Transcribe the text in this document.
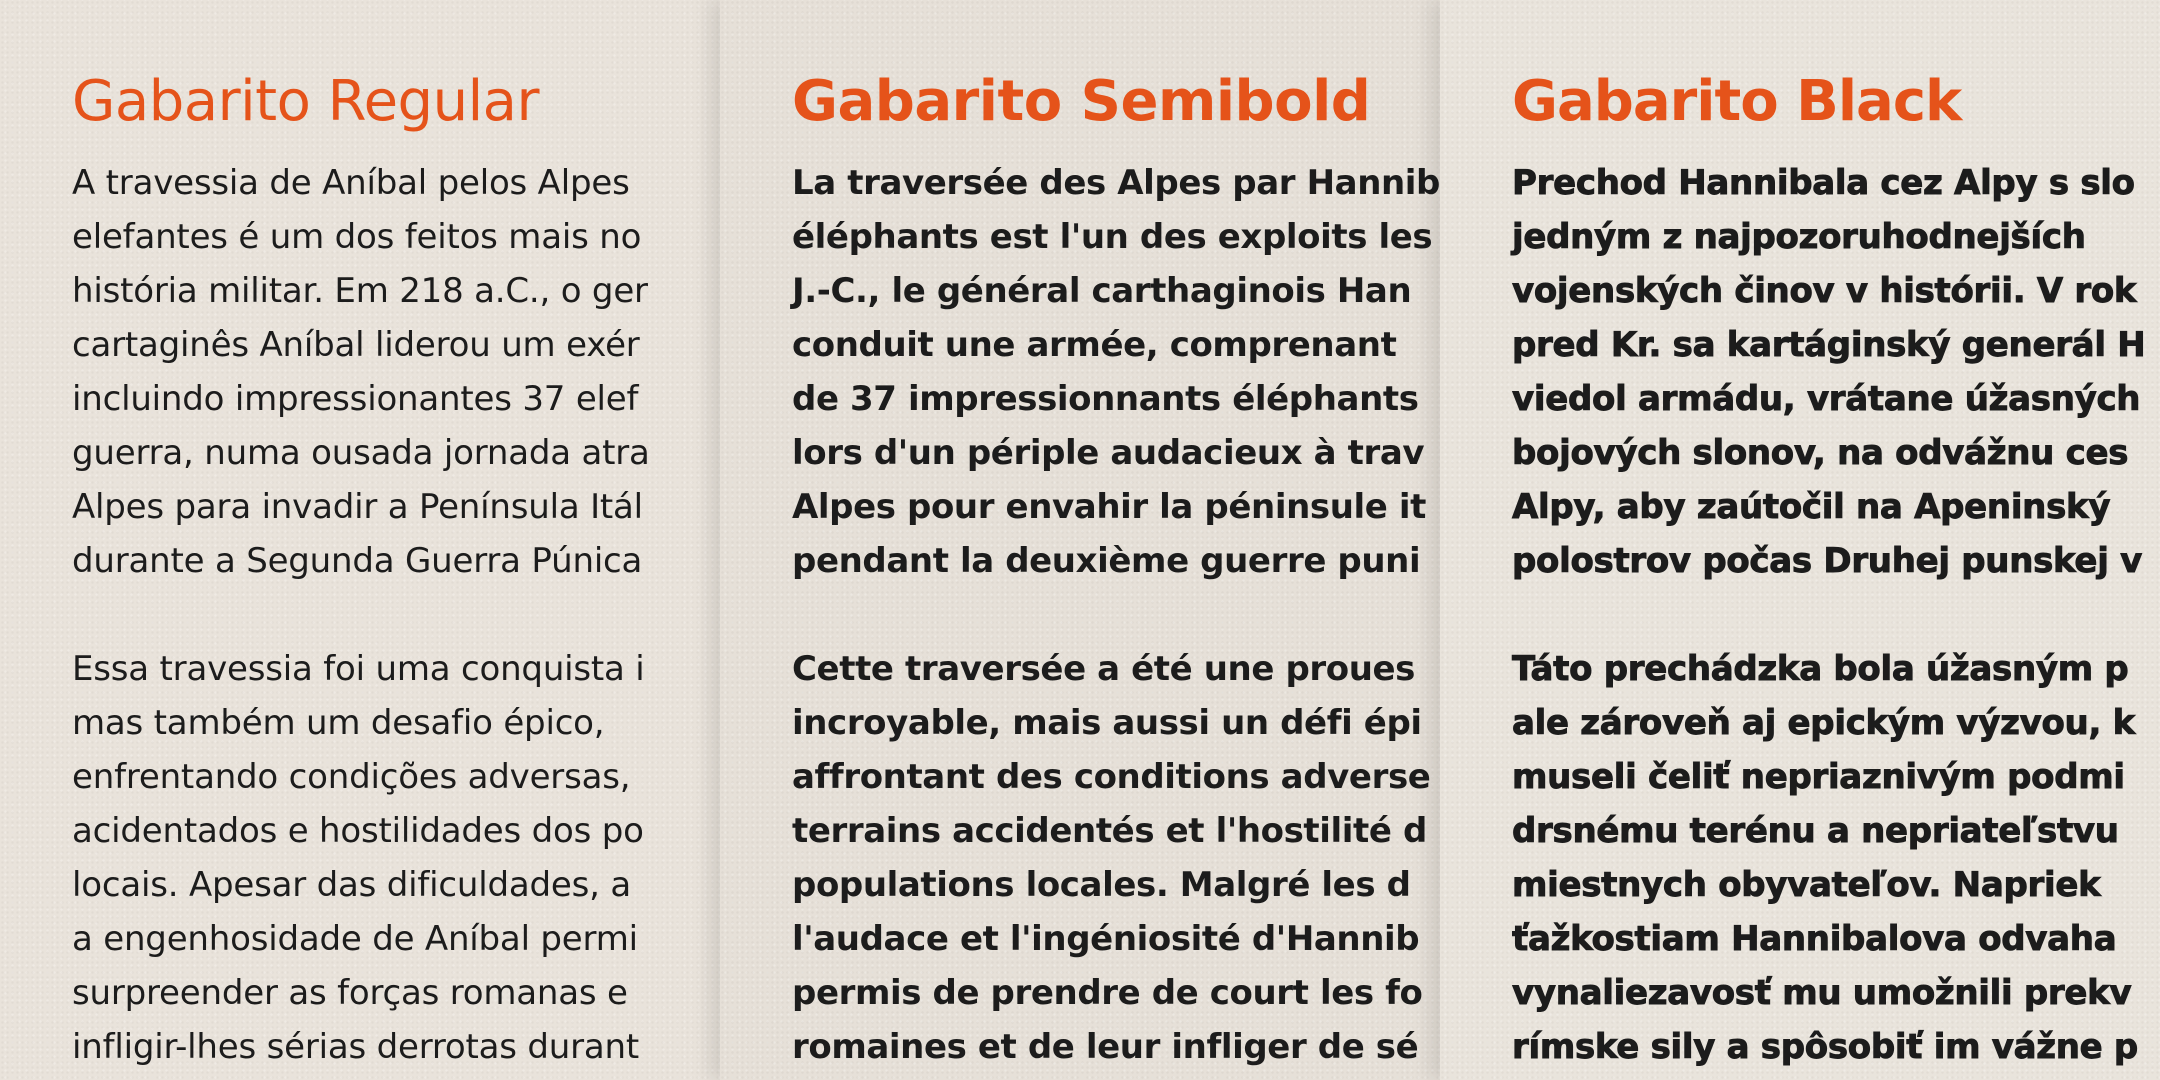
Gabarito Regular

A travessia de Aníbal pelos Alpes
elefantes é um dos feitos mais no
história militar. Em 218 a.C., o ger
cartaginês Aníbal liderou um exér
incluindo impressionantes 37 elef
guerra, numa ousada jornada atra
Alpes para invadir a Península Itál
durante a Segunda Guerra Púnica

Essa travessia foi uma conquista i
mas também um desafio épico,
enfrentando condições adversas,
acidentados e hostilidades dos po
locais. Apesar das dificuldades, a
a engenhosidade de Aníbal permi
surpreender as forças romanas e
infligir-lhes sérias derrotas durant

Gabarito Semibold

La traversée des Alpes par Hannib
éléphants est l'un des exploits les
J.-C., le général carthaginois Han
conduit une armée, comprenant
de 37 impressionnants éléphants
lors d'un périple audacieux à trav
Alpes pour envahir la péninsule it
pendant la deuxième guerre puni

Cette traversée a été une proues
incroyable, mais aussi un défi épi
affrontant des conditions adverse
terrains accidentés et l'hostilité d
populations locales. Malgré les d
l'audace et l'ingéniosité d'Hannib
permis de prendre de court les fo
romaines et de leur infliger de sé

Gabarito Black

Prechod Hannibala cez Alpy s slo
jedným z najpozoruhodnejších
vojenských činov v histórii. V rok
pred Kr. sa kartáginský generál H
viedol armádu, vrátane úžasných
bojových slonov, na odvážnu ces
Alpy, aby zaútočil na Apeninský
polostrov počas Druhej punskej v

Táto prechádzka bola úžasným p
ale zároveň aj epickým výzvou, k
museli čeliť nepriaznivým podmi
drsnému terénu a nepriateľstvu
miestnych obyvateľov. Napriek
ťažkostiam Hannibalova odvaha
vynaliezavosť mu umožnili prekv
rímske sily a spôsobiť im vážne p
